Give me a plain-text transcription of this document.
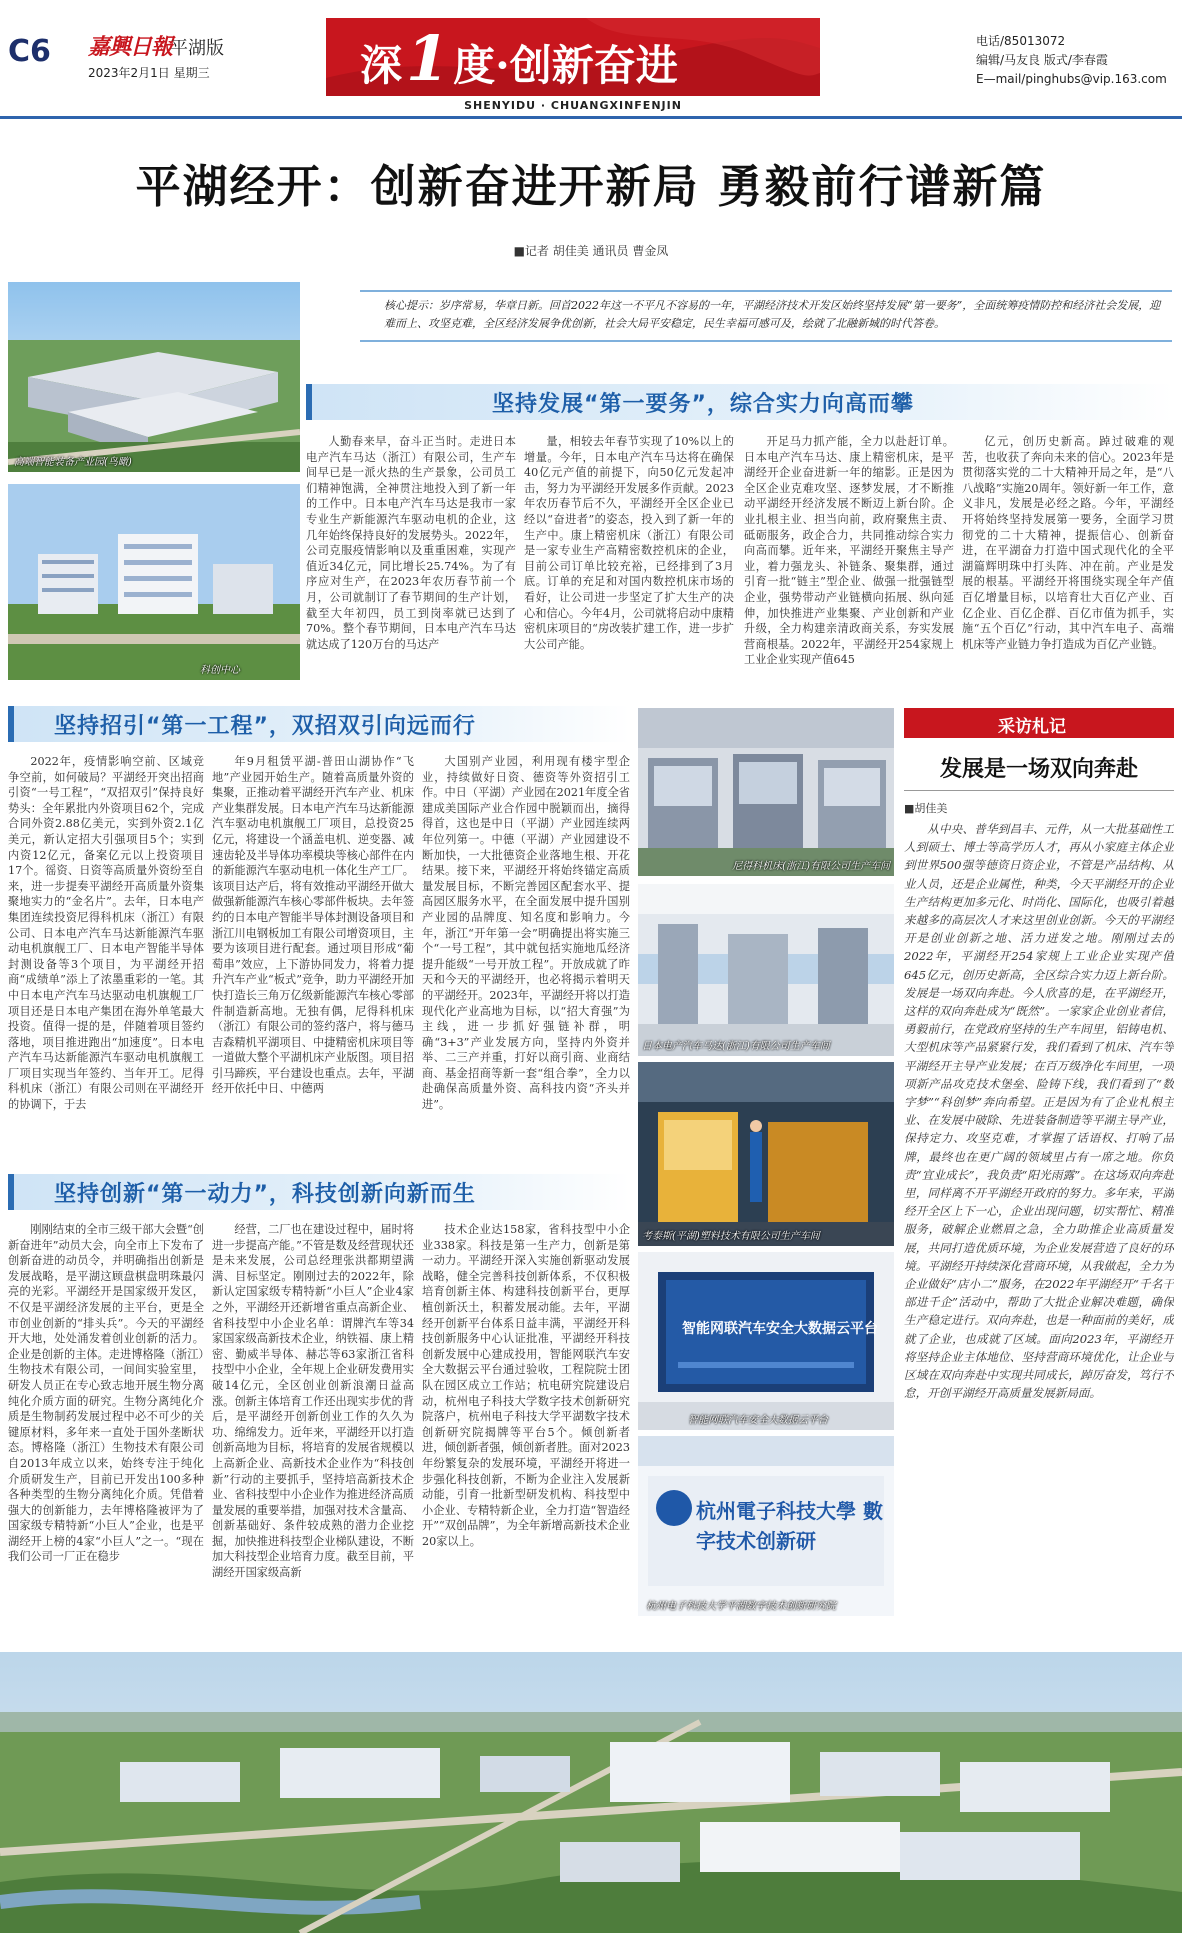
C6 嘉興日報
平湖版
2023年2月1日 星期三	深1度·创新奋进
SHENYIDU · CHUANGXINFENJIN
电话/85013072
编辑/马友良 版式/李春霞
E—mail/pinghubs@vip.163.com
平湖经开：创新奋进开新局 勇毅前行谱新篇
■记者 胡佳美 通讯员 曹金凤
高端智能装备产业园(鸟瞰)
科创中心
核心提示：岁序常易，华章日新。回首2022年这一不平凡不容易的一年，平湖经济技术开发区始终坚持发展“第一要务”，全面统筹疫情防控和经济社会发展，迎难而上、攻坚克难，全区经济发展争优创新，社会大局平安稳定，民生幸福可感可及，绘就了北融新城的时代答卷。
坚持发展“第一要务”，综合实力向高而攀

人勤春来早，奋斗正当时。走进日本电产汽车马达（浙江）有限公司，生产车间早已是一派火热的生产景象，公司员工们精神饱满，全神贯注地投入到了新一年的工作中。日本电产汽车马达是我市一家专业生产新能源汽车驱动电机的企业，这几年始终保持良好的发展势头。2022年，公司克服疫情影响以及重重困难，实现产值近34亿元，同比增长25.74%。为了有序应对生产，在2023年农历春节前一个月，公司就制订了春节期间的生产计划，截至大年初四，员工到岗率就已达到了70%。整个春节期间，日本电产汽车马达就达成了120万台的马达产

量，相较去年春节实现了10%以上的增量。今年，日本电产汽车马达将在确保40亿元产值的前提下，向50亿元发起冲击，努力为平湖经开发展多作贡献。2023年农历春节后不久，平湖经开全区企业已经以“奋进者”的姿态，投入到了新一年的生产中。康上精密机床（浙江）有限公司是一家专业生产高精密数控机床的企业，目前公司订单比较充裕，已经排到了3月底。订单的充足和对国内数控机床市场的看好，让公司进一步坚定了扩大生产的决心和信心。今年4月，公司就将启动中康精密机床项目的“房改装扩建工作，进一步扩大公司产能。

开足马力抓产能，全力以赴赶订单。日本电产汽车马达、康上精密机床，是平湖经开企业奋进新一年的缩影。正是因为全区企业克难攻坚、逐梦发展，才不断推动平湖经开经济发展不断迈上新台阶。企业扎根主业、担当向前，政府聚焦主责、砥砺服务，政企合力，共同推动综合实力向高而攀。近年来，平湖经开聚焦主导产业，着力强龙头、补链条、聚集群，通过引育一批“链主”型企业、做强一批强链型企业，强势带动产业链横向拓展、纵向延伸，加快推进产业集聚、产业创新和产业升级，全力构建亲清政商关系，夯实发展营商根基。2022年，平湖经开254家规上工业企业实现产值645

亿元，创历史新高。踔过破难的观苦，也收获了奔向未来的信心。2023年是贯彻落实党的二十大精神开局之年，是“八八战略”实施20周年。领好新一年工作，意义非凡，发展是必经之路。今年，平湖经开将始终坚持发展第一要务，全面学习贯彻党的二十大精神，提振信心、创新奋进，在平湖奋力打造中国式现代化的全平湖篇辉明珠中打头阵、冲在前。产业是发展的根基。平湖经开将围绕实现全年产值百亿增量目标，以培育壮大百亿产业、百亿企业、百亿企群、百亿市值为抓手，实施“五个百亿”行动，其中汽车电子、高端机床等产业链力争打造成为百亿产业链。

坚持招引“第一工程”，双招双引向远而行

2022年，疫情影响空前、区域竞争空前，如何破局？平湖经开突出招商引资“一号工程”，“双招双引”保持良好势头：全年累批内外资项目62个，完成合同外资2.88亿美元，实到外资2.1亿美元，新认定招大引强项目5个；实到内资12亿元，备案亿元以上投资项目17个。徭资、日资等高质量外资纷至自来，进一步提奏平湖经开高质量外资集聚地实力的“金名片”。去年，日本电产集团连续投资尼得科机床（浙江）有限公司、日本电产汽车马达新能源汽车驱动电机旗舰工厂、日本电产智能半导体封测设备等3个项目，为平湖经开招商“成绩单”添上了浓墨重彩的一笔。其中日本电产汽车马达驱动电机旗舰工厂项目还是日本电产集团在海外单笔最大投资。值得一提的是，伴随着项目签约落地，项目推进跑出“加速度”。日本电产汽车马达新能源汽车驱动电机旗舰工厂项目实现当年签约、当年开工。尼得科机床（浙江）有限公司则在平湖经开的协调下，于去

年9月租赁平湖-普田山湖协作“飞地”产业园开始生产。随着高质量外资的集聚，正推动着平湖经开汽车产业、机床产业集群发展。日本电产汽车马达新能源汽车驱动电机旗舰工厂项目，总投资25亿元，将建设一个涵盖电机、逆变器、减速齿轮及半导体功率模块等核心部件在内的新能源汽车驱动电机一体化生产工厂。该项目达产后，将有效推动平湖经开做大做强新能源汽车核心零部件板块。去年签约的日本电产智能半导体封测设备项目和浙江川电钢板加工有限公司增资项目，主要为该项目进行配套。通过项目形成“葡萄串”效应，上下游协同发力，将着力提升汽车产业“板式”竞争，助力平湖经开加快打造长三角万亿级新能源汽车核心零部件制造新高地。无独有偶，尼得科机床（浙江）有限公司的签约落户，将与德马吉森精机平湖项目、中捷精密机床项目等一道做大整个平湖机床产业版图。项目招引马蹄疾，平台建设也重点。去年，平湖经开依托中日、中德两

大国别产业园，利用现有楼宇型企业，持续做好日资、德资等外资招引工作。中日（平湖）产业园在2021年度全省建成美国际产业合作园中脱颖而出，摘得得首，这也是中日（平湖）产业园连续两年位列第一。中德（平湖）产业园建设不断加快，一大批德资企业落地生根、开花结果。接下来，平湖经开将始终锚定高质量发展目标，不断完善园区配套水平、提高园区服务水平，在全面发展中提升国别产业园的品牌度、知名度和影响力。今年，浙江“开年第一会”明确提出将实施三个“一号工程”，其中就包括实施地瓜经济提升能级“一号开放工程”。开放成就了昨天和今天的平湖经开，也必将揭示着明天的平湖经开。2023年，平湖经开将以打造现代化产业高地为目标，以“招大育强”为主线，进一步抓好强链补群，明确“3+3”产业发展方向，坚持内外资并举、二三产并重，打好以商引商、业商结商、基金招商等新一套“组合拳”，全力以赴确保高质量外资、高科技内资“齐头并进”。

坚持创新“第一动力”，科技创新向新而生

刚刚结束的全市三级干部大会暨“创新奋进年”动员大会，向全市上下发布了创新奋进的动员令，并明确指出创新是发展战略，是平湖这顾盘棋盘明珠最闪亮的光彩。平湖经开是国家级开发区，不仅是平湖经济发展的主平台，更是全市创业创新的“排头兵”。今天的平湖经开大地，处处涌发着创业创新的活力。企业是创新的主体。走进博格隆（浙江）生物技术有限公司，一间间实验室里，研发人员正在专心致志地开展生物分离纯化介质方面的研究。生物分离纯化介质是生物制药发展过程中必不可少的关键原材料，多年来一直处于国外垄断状态。博格隆（浙江）生物技术有限公司自2013年成立以来，始终专注于纯化介质研发生产，目前已开发出100多种各种类型的生物分离纯化介质。凭借着强大的创新能力，去年博格隆被评为了国家级专精特新“小巨人”企业，也是平湖经开上榜的4家“小巨人”之一。“现在我们公司一厂正在稳步

经营，二厂也在建设过程中，届时将进一步提高产能。”不管是数及经营现状还是未来发展，公司总经理张洪都期望满满、目标坚定。刚刚过去的2022年，除新认定国家级专精特新“小巨人”企业4家之外，平湖经开还新增省重点高新企业、省科技型中小企业名单：谓牌汽车等34家国家级高新技术企业，纳铁福、康上精密、勤威半导体、赫芯等63家浙江省科技型中小企业，全年规上企业研发费用实破14亿元，全区创业创新浪潮日益高涨。创新主体培育工作还出现实步优的背后，是平湖经开创新创业工作的久久为功、绵绵发力。近年来，平湖经开以打造创新高地为目标，将培育的发展省规模以上高新企业、高新技术企业作为“科技创新”行动的主要抓手，坚持培高新技术企业、省科技型中小企业作为推进经济高质量发展的重要举措，加强对技术含量高、创新基础好、条件较成熟的潜力企业挖掘，加快推进科技型企业梯队建设，不断加大科技型企业培育力度。截至目前，平湖经开国家级高新

技术企业达158家，省科技型中小企业338家。科技是第一生产力，创新是第一动力。平湖经开深入实施创新驱动发展战略，健全完善科技创新体系，不仅积极培育创新主体、构建科技创新平台，更厚植创新沃土，积蓄发展动能。去年，平湖经开创新平台体系日益丰满，平湖经开科技创新服务中心认证批准，平湖经开科技创新发展中心建成投用，智能网联汽车安全大数据云平台通过验收，工程院院士团队在园区成立工作站；杭电研究院建设启动，杭州电子科技大学数字技术创新研究院落户，杭州电子科技大学平湖数字技术创新研究院揭牌等平台5个。倾创新者进，倾创新者强，倾创新者胜。面对2023年纷繁复杂的发展环境，平湖经开将进一步强化科技创新，不断为企业注入发展新动能，引育一批新型研发机构、科技型中小企业、专精特新企业，全力打造“智造经开”“双创品牌”，为全年新增高新技术企业20家以上。

尼得科机床(浙江)有限公司生产车间
日本电产汽车马达(浙江)有限公司生产车间
考泰斯(平湖)塑料技术有限公司生产车间
智能网联汽车安全大数据云平台
智能网联汽车安全大数据云平台
杭州電子科技大學 數字技术创新研
杭州电子科技大学平湖数字技术创新研究院
采访札记
发展是一场双向奔赴
■胡佳美

从中央、普华到昌丰、元件，从一大批基础性工人到硕士、博士等高学历人才，再从小家庭主体企业到世界500强等德资日资企业，不管是产品结构、从业人员，还是企业属性，种类，今天平湖经开的企业生产结构更加多元化、时尚化、国际化，也吸引着越来越多的高层次人才来这里创业创新。今天的平湖经开是创业创新之地、活力迸发之地。刚刚过去的2022年，平湖经开254家规上工业企业实现产值645亿元，创历史新高，全区综合实力迈上新台阶。发展是一场双向奔赴。今人欣喜的是，在平湖经开，这样的双向奔赴成为“既然”。一家家企业创业者信，勇毅前行，在党政府坚持的生产车间里，铝铸电机、大型机床等产品紧紧行发，我们看到了机床、汽车等平湖经开主导产业发展；在百万级净化车间里，一项项新产品攻克技术堡垒、险铸下线，我们看到了“数字梦”“科创梦”奔向希望。正是因为有了企业札根主业、在发展中破除、先进装备制造等平湖主导产业，保持定力、攻坚克难，才掌握了话语权、打响了品牌，最终也在更广阔的领域里占有一席之地。你负责“宜业成长”，我负责“阳光雨露”。在这场双向奔赴里，同样离不开平湖经开政府的努力。多年来，平湖经开全区上下一心，企业出现问题，切实帮忙、精准服务，破解企业燃眉之急，全力助推企业高质量发展，共同打造优质环境，为企业发展营造了良好的环境。平湖经开持续深化营商环境，从我做起，全力为企业做好“店小二”服务，在2022年平湖经开“千名干部进千企”活动中，帮助了大批企业解决难题，确保生产稳定进行。双向奔赴，也是一种面前的美好，成就了企业，也成就了区域。面向2023年，平湖经开将坚持企业主体地位、坚持营商环境优化，让企业与区域在双向奔赴中实现共同成长，踔厉奋发，笃行不怠，开创平湖经开高质量发展新局面。
